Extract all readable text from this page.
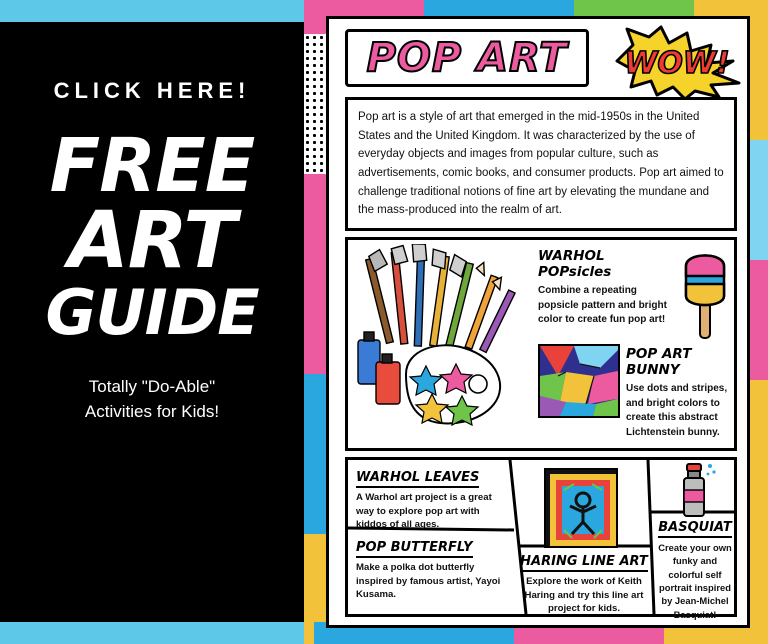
CLICK HERE!
FREE
ART
GUIDE
Totally "Do-Able"
Activities for Kids!
POP ART WOW!

Pop art is a style of art that emerged in the mid-1950s in the United States and the United Kingdom. It was characterized by the use of everyday objects and images from popular culture, such as advertisements, comic books, and consumer products. Pop art aimed to challenge traditional notions of fine art by elevating the mundane and the mass-produced into the realm of art.

WARHOL POPsicles

Combine a repeating popsicle pattern and bright color to create fun pop art!

POP ART BUNNY

Use dots and stripes, and bright colors to create this abstract Lichtenstein bunny.

WARHOL LEAVES
A Warhol art project is a great way to explore pop art with kiddos of all ages.
POP BUTTERFLY
Make a polka dot butterfly inspired by famous artist, Yayoi Kusama.
HARING LINE ART
Explore the work of Keith Haring and try this line art project for kids.
BASQUIAT
Create your own funky and colorful self portrait inspired by Jean-Michel Basquiat!
